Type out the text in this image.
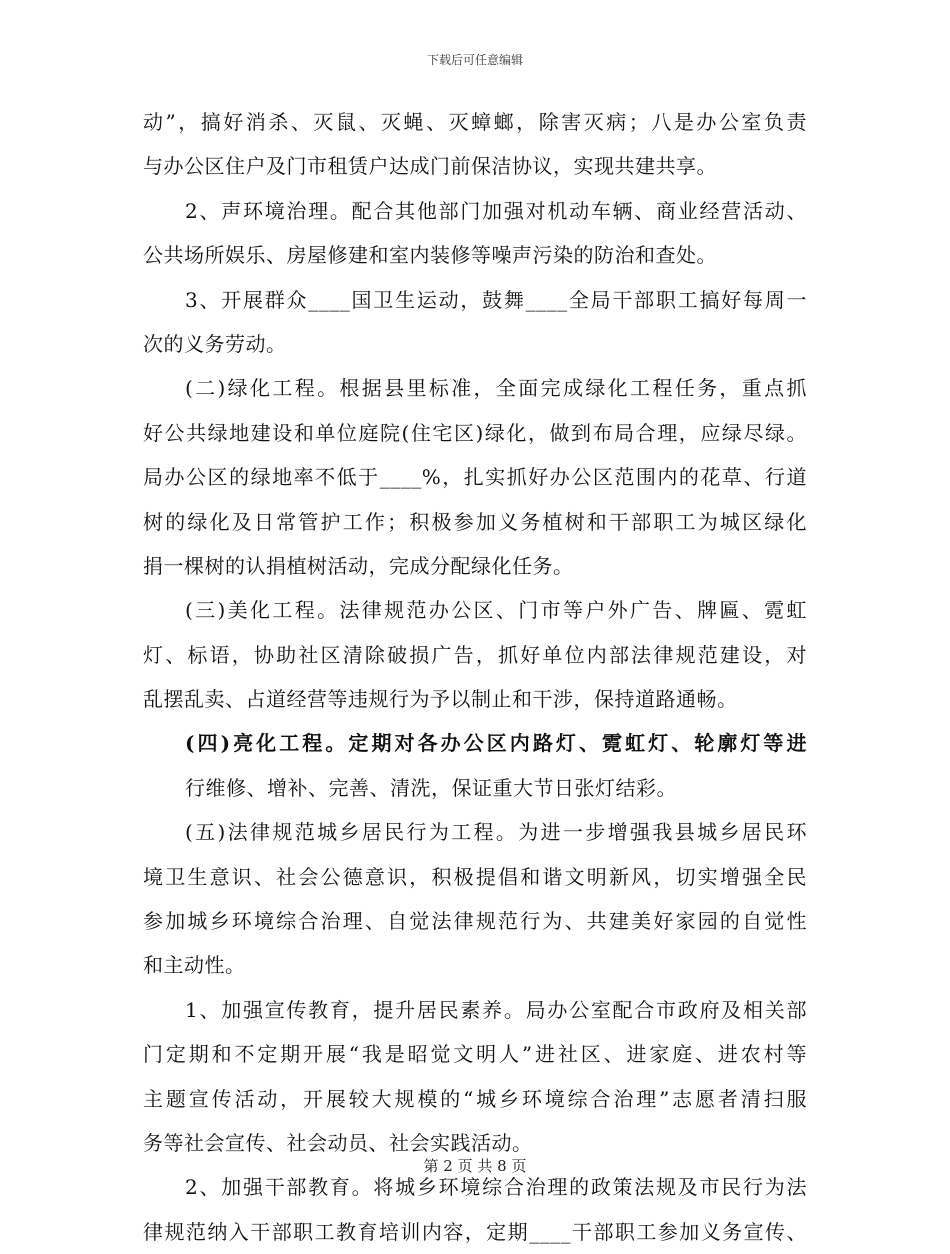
下载后可任意编辑
动”，搞好消杀、灭鼠、灭蝇、灭蟑螂，除害灭病；八是办公室负责
与办公区住户及门市租赁户达成门前保洁协议，实现共建共享。
2、声环境治理。配合其他部门加强对机动车辆、商业经营活动、
公共场所娱乐、房屋修建和室内装修等噪声污染的防治和查处。
3、开展群众____国卫生运动，鼓舞____全局干部职工搞好每周一
次的义务劳动。
(二)绿化工程。根据县里标准，全面完成绿化工程任务，重点抓
好公共绿地建设和单位庭院(住宅区)绿化，做到布局合理，应绿尽绿。
局办公区的绿地率不低于____%，扎实抓好办公区范围内的花草、行道
树的绿化及日常管护工作；积极参加义务植树和干部职工为城区绿化
捐一棵树的认捐植树活动，完成分配绿化任务。
(三)美化工程。法律规范办公区、门市等户外广告、牌匾、霓虹
灯、标语，协助社区清除破损广告，抓好单位内部法律规范建设，对
乱摆乱卖、占道经营等违规行为予以制止和干涉，保持道路通畅。
(四)亮化工程。定期对各办公区内路灯、霓虹灯、轮廓灯等进
行维修、增补、完善、清洗，保证重大节日张灯结彩。
(五)法律规范城乡居民行为工程。为进一步增强我县城乡居民环
境卫生意识、社会公德意识，积极提倡和谐文明新风，切实增强全民
参加城乡环境综合治理、自觉法律规范行为、共建美好家园的自觉性
和主动性。
1、加强宣传教育，提升居民素养。局办公室配合市政府及相关部
门定期和不定期开展“我是昭觉文明人”进社区、进家庭、进农村等
主题宣传活动，开展较大规模的“城乡环境综合治理”志愿者清扫服
务等社会宣传、社会动员、社会实践活动。
2、加强干部教育。将城乡环境综合治理的政策法规及市民行为法
律规范纳入干部职工教育培训内容，定期____干部职工参加义务宣传、
第 2 页 共 8 页
